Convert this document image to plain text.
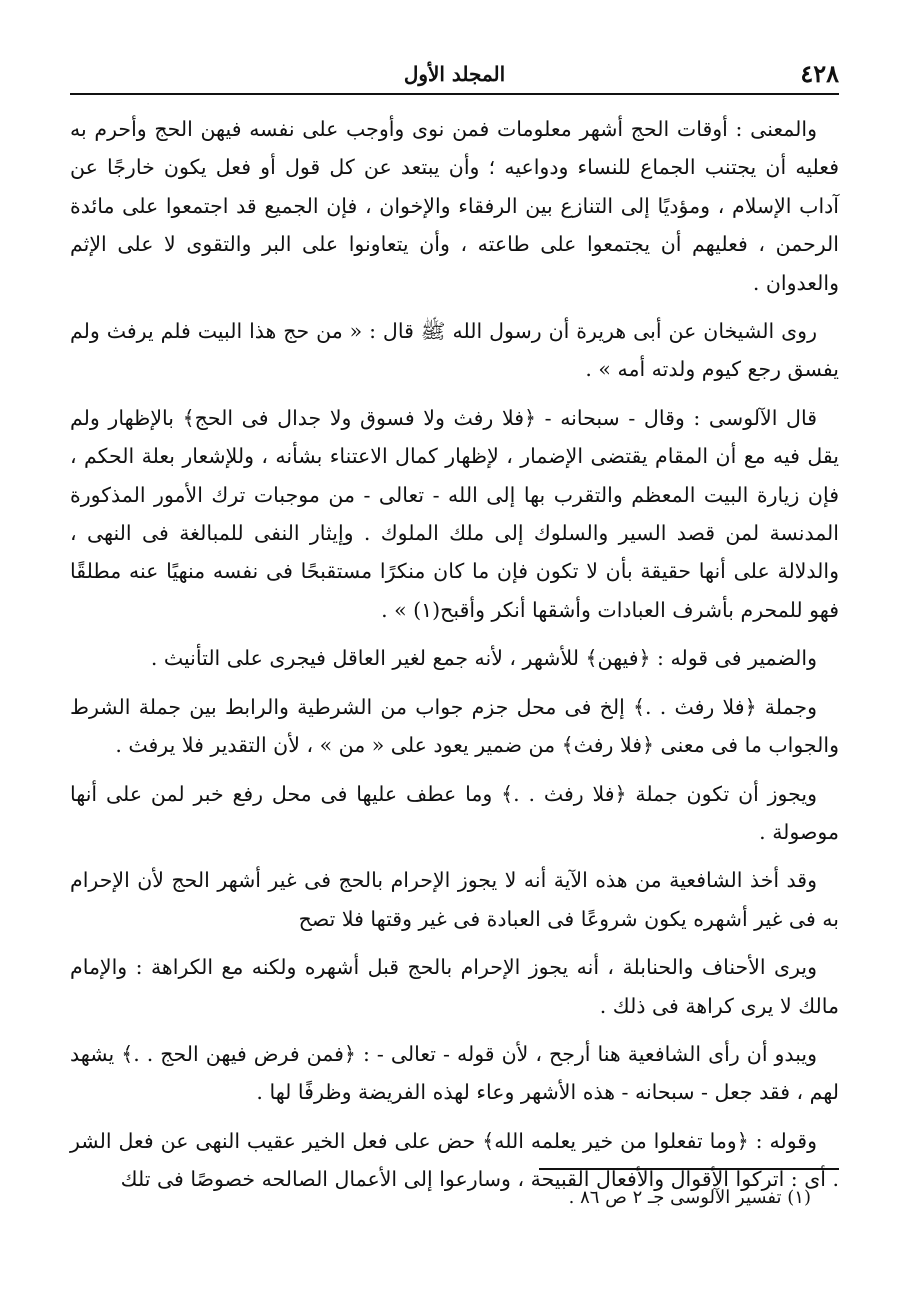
٤٢٨
المجلد الأول

والمعنى : أوقات الحج أشهر معلومات فمن نوى وأوجب على نفسه فيهن الحج وأحرم به فعليه أن يجتنب الجماع للنساء ودواعيه ؛ وأن يبتعد عن كل قول أو فعل يكون خارجًا عن آداب الإسلام ، ومؤديًا إلى التنازع بين الرفقاء والإخوان ، فإن الجميع قد اجتمعوا على مائدة الرحمن ، فعليهم أن يجتمعوا على طاعته ، وأن يتعاونوا على البر والتقوى لا على الإثم والعدوان .

روى الشيخان عن أبى هريرة أن رسول الله ﷺ قال : « من حج هذا البيت فلم يرفث ولم يفسق رجع كيوم ولدته أمه » .

قال الآلوسى : وقال - سبحانه - ﴿فلا رفث ولا فسوق ولا جدال فى الحج﴾ بالإظهار ولم يقل فيه مع أن المقام يقتضى الإضمار ، لإظهار كمال الاعتناء بشأنه ، وللإشعار بعلة الحكم ، فإن زيارة البيت المعظم والتقرب بها إلى الله - تعالى - من موجبات ترك الأمور المذكورة المدنسة لمن قصد السير والسلوك إلى ملك الملوك . وإيثار النفى للمبالغة فى النهى ، والدلالة على أنها حقيقة بأن لا تكون فإن ما كان منكرًا مستقبحًا فى نفسه منهيًا عنه مطلقًا فهو للمحرم بأشرف العبادات وأشقها أنكر وأقبح(١) » .

والضمير فى قوله : ﴿فيهن﴾ للأشهر ، لأنه جمع لغير العاقل فيجرى على التأنيث .

وجملة ﴿فلا رفث . .﴾ إلخ فى محل جزم جواب من الشرطية والرابط بين جملة الشرط والجواب ما فى معنى ﴿فلا رفث﴾ من ضمير يعود على « من » ، لأن التقدير فلا يرفث .

ويجوز أن تكون جملة ﴿فلا رفث . .﴾ وما عطف عليها فى محل رفع خبر لمن على أنها موصولة .

وقد أخذ الشافعية من هذه الآية أنه لا يجوز الإحرام بالحج فى غير أشهر الحج لأن الإحرام به فى غير أشهره يكون شروعًا فى العبادة فى غير وقتها فلا تصح

ويرى الأحناف والحنابلة ، أنه يجوز الإحرام بالحج قبل أشهره ولكنه مع الكراهة : والإمام مالك لا يرى كراهة فى ذلك .

ويبدو أن رأى الشافعية هنا أرجح ، لأن قوله - تعالى - : ﴿فمن فرض فيهن الحج . .﴾ يشهد لهم ، فقد جعل - سبحانه - هذه الأشهر وعاء لهذه الفريضة وظرفًا لها .

وقوله : ﴿وما تفعلوا من خير يعلمه الله﴾ حض على فعل الخير عقيب النهى عن فعل الشر . أى : اتركوا الأقوال والأفعال القبيحة ، وسارعوا إلى الأعمال الصالحه خصوصًا فى تلك

(١) تفسير الآلوسى جـ ٢ ص ٨٦ .
